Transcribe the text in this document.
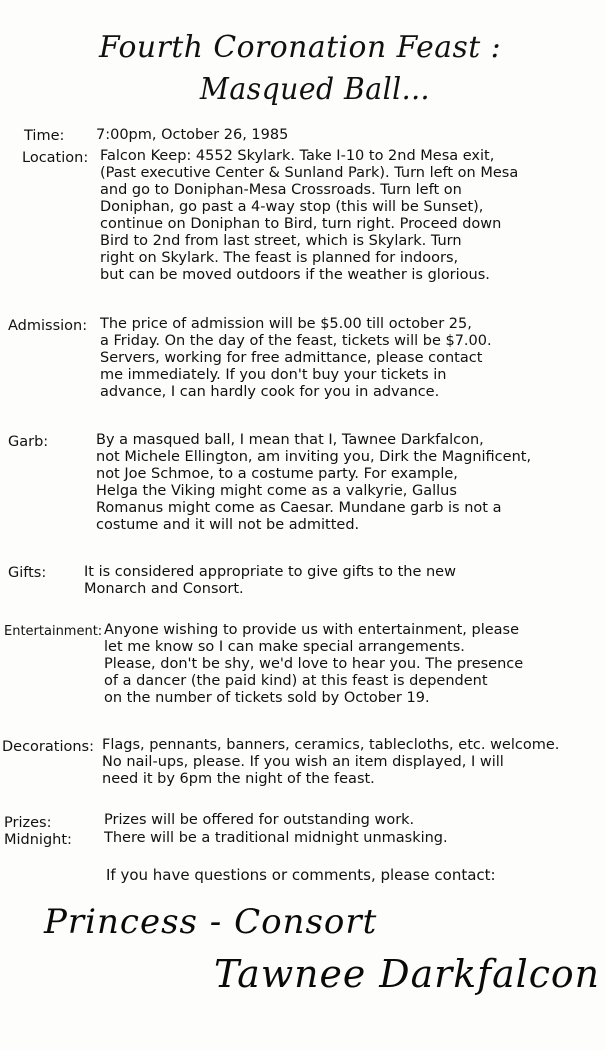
Fourth Coronation Feast :
Masqued Ball...
Time: 7:00pm, October 26, 1985
Location: Falcon Keep: 4552 Skylark. Take I-10 to 2nd Mesa exit,
(Past executive Center & Sunland Park). Turn left on Mesa
and go to Doniphan-Mesa Crossroads. Turn left on
Doniphan, go past a 4-way stop (this will be Sunset),
continue on Doniphan to Bird, turn right. Proceed down
Bird to 2nd from last street, which is Skylark. Turn
right on Skylark. The feast is planned for indoors,
but can be moved outdoors if the weather is glorious.
Admission: The price of admission will be $5.00 till october 25,
a Friday. On the day of the feast, tickets will be $7.00.
Servers, working for free admittance, please contact
me immediately. If you don't buy your tickets in
advance, I can hardly cook for you in advance.
Garb:	By a masqued ball, I mean that I, Tawnee Darkfalcon,
not Michele Ellington, am inviting you, Dirk the Magnificent,
not Joe Schmoe, to a costume party. For example,
Helga the Viking might come as a valkyrie, Gallus
Romanus might come as Caesar. Mundane garb is not a
costume and it will not be admitted.
Gifts:	It is considered appropriate to give gifts to the new
Monarch and Consort.
Entertainment: Anyone wishing to provide us with entertainment, please
let me know so I can make special arrangements.
Please, don't be shy, we'd love to hear you. The presence
of a dancer (the paid kind) at this feast is dependent
on the number of tickets sold by October 19.
Decorations: Flags, pennants, banners, ceramics, tablecloths, etc. welcome.
No nail-ups, please. If you wish an item displayed, I will
need it by 6pm the night of the feast.
Prizes:	Prizes will be offered for outstanding work.
Midnight: There will be a traditional midnight unmasking.
If you have questions or comments, please contact:
Princess - Consort
Tawnee Darkfalcon
